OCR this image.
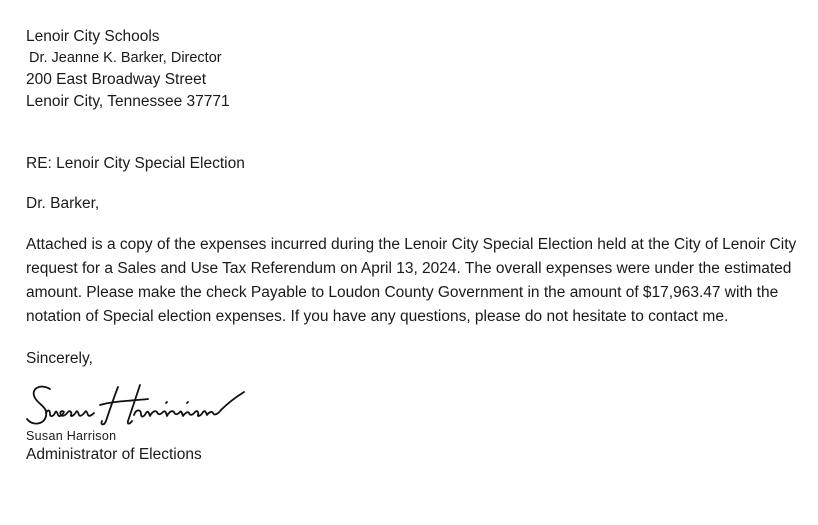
Lenoir City Schools
Dr. Jeanne K. Barker, Director
200 East Broadway Street
Lenoir City, Tennessee 37771
RE: Lenoir City Special Election
Dr. Barker,
Attached is a copy of the expenses incurred during the Lenoir City Special Election held at the City of Lenoir City request for a Sales and Use Tax Referendum on April 13, 2024. The overall expenses were under the estimated amount. Please make the check Payable to Loudon County Government in the amount of $17,963.47 with the notation of Special election expenses. If you have any questions, please do not hesitate to contact me.
Sincerely,
Susan Harrison
Administrator of Elections
